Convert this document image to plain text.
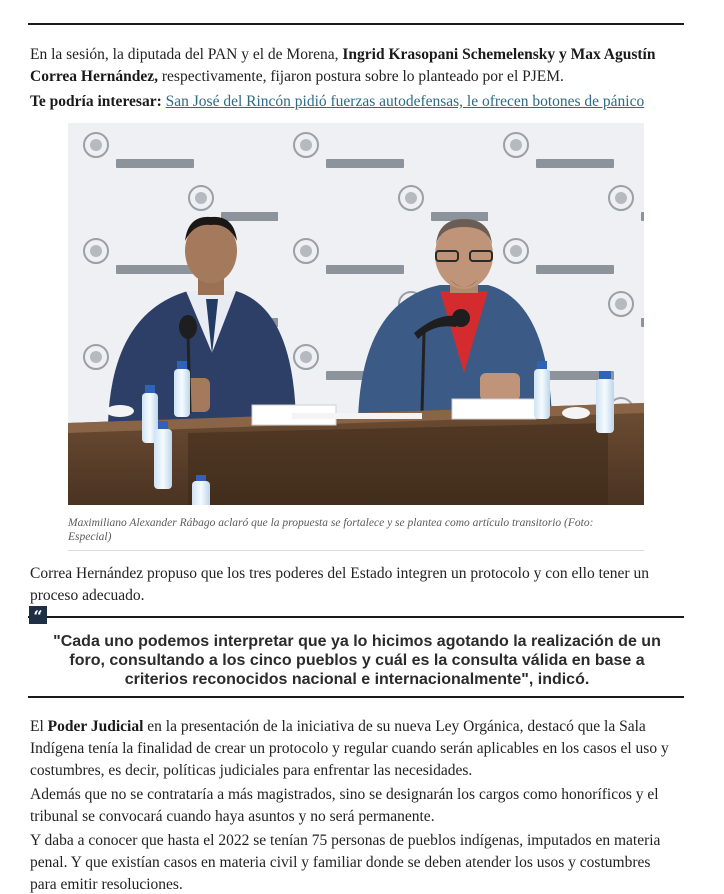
En la sesión, la diputada del PAN y el de Morena, Ingrid Krasopani Schemelensky y Max Agustín Correa Hernández, respectivamente, fijaron postura sobre lo planteado por el PJEM.

Te podría interesar: San José del Rincón pidió fuerzas autodefensas, le ofrecen botones de pánico

Maximiliano Alexander Rábago aclaró que la propuesta se fortalece y se plantea como artículo transitorio (Foto: Especial)

Correa Hernández propuso que los tres poderes del Estado integren un protocolo y con ello tener un proceso adecuado.

“

"Cada uno podemos interpretar que ya lo hicimos agotando la realización de un foro, consultando a los cinco pueblos y cuál es la consulta válida en base a criterios reconocidos nacional e internacionalmente", indicó.

El Poder Judicial en la presentación de la iniciativa de su nueva Ley Orgánica, destacó que la Sala Indígena tenía la finalidad de crear un protocolo y regular cuando serán aplicables en los casos el uso y costumbres, es decir, políticas judiciales para enfrentar las necesidades.

Además que no se contrataría a más magistrados, sino se designarán los cargos como honoríficos y el tribunal se convocará cuando haya asuntos y no será permanente.

Y daba a conocer que hasta el 2022 se tenían 75 personas de pueblos indígenas, imputados en materia penal. Y que existían casos en materia civil y familiar donde se deben atender los usos y costumbres para emitir resoluciones.
